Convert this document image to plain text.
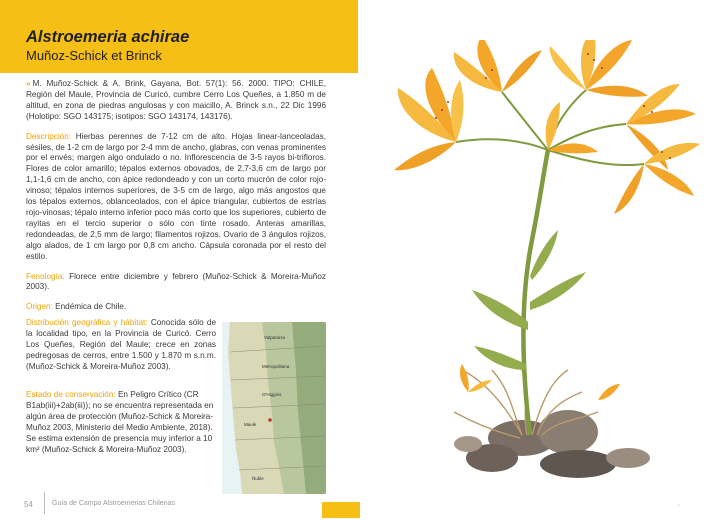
Alstroemeria achirae
Muñoz-Schick et Brinck

» M. Muñoz-Schick & A. Brink, Gayana, Bot. 57(1): 56. 2000. TIPO: CHILE, Región del Maule, Provincia de Curicó, cumbre Cerro Los Queñes, a 1.850 m de altitud, en zona de piedras angulosas y con maicillo, A. Brinck s.n., 22 Dic 1996 (Holotipo: SGO 143175; isotipos: SGO 143174, 143176).

Descripción: Hierbas perennes de 7-12 cm de alto. Hojas linear-lanceoladas, sésiles, de 1-2 cm de largo por 2-4 mm de ancho, glabras, con venas prominentes por el envés; margen algo ondulado o no. Inflorescencia de 3-5 rayos bi-trifloros. Flores de color amarillo; tépalos externos obovados, de 2,7-3,6 cm de largo por 1,1-1,6 cm de ancho, con ápice redondeado y con un corto mucrón de color rojo-vinoso; tépalos internos superiores, de 3-5 cm de largo, algo más angostos que los tépalos externos, oblanceolados, con el ápice triangular, cubiertos de estrías rojo-vinosas; tépalo interno inferior poco más corto que los superiores, cubierto de rayitas en el tercio superior o sólo con tinte rosado. Anteras amarillas, redondeadas, de 2,5 mm de largo; filamentos rojizos. Ovario de 3 ángulos rojizos, algo alados, de 1 cm largo por 0,8 cm ancho. Cápsula coronada por el resto del estilo.

Fenología: Florece entre diciembre y febrero (Muñoz-Schick & Moreira-Muñoz 2003).

Origen: Endémica de Chile.

Distribución geográfica y hábitat: Conocida sólo de la localidad tipo, en la Provincia de Curicó. Cerro Los Queñes, Región del Maule; crece en zonas pedregosas de cerros, entre 1.500 y 1.870 m s.n.m. (Muñoz-Schick & Moreira-Muñoz 2003).

Estado de conservación: En Peligro Crítico (CR B1ab(iii)+2ab(iii)); no se encuentra representada en algún área de protección (Muñoz-Schick & Moreira-Muñoz 2003, Ministerio del Medio Ambiente, 2018). Se estima extensión de presencia muy inferior a 10 km² (Muñoz-Schick & Moreira-Muñoz 2003).

Valparaíso
Metropolitana
O'Higgins
Maule
Ñuble
54	Guía de Campo Alstroemerias Chilenas	•
